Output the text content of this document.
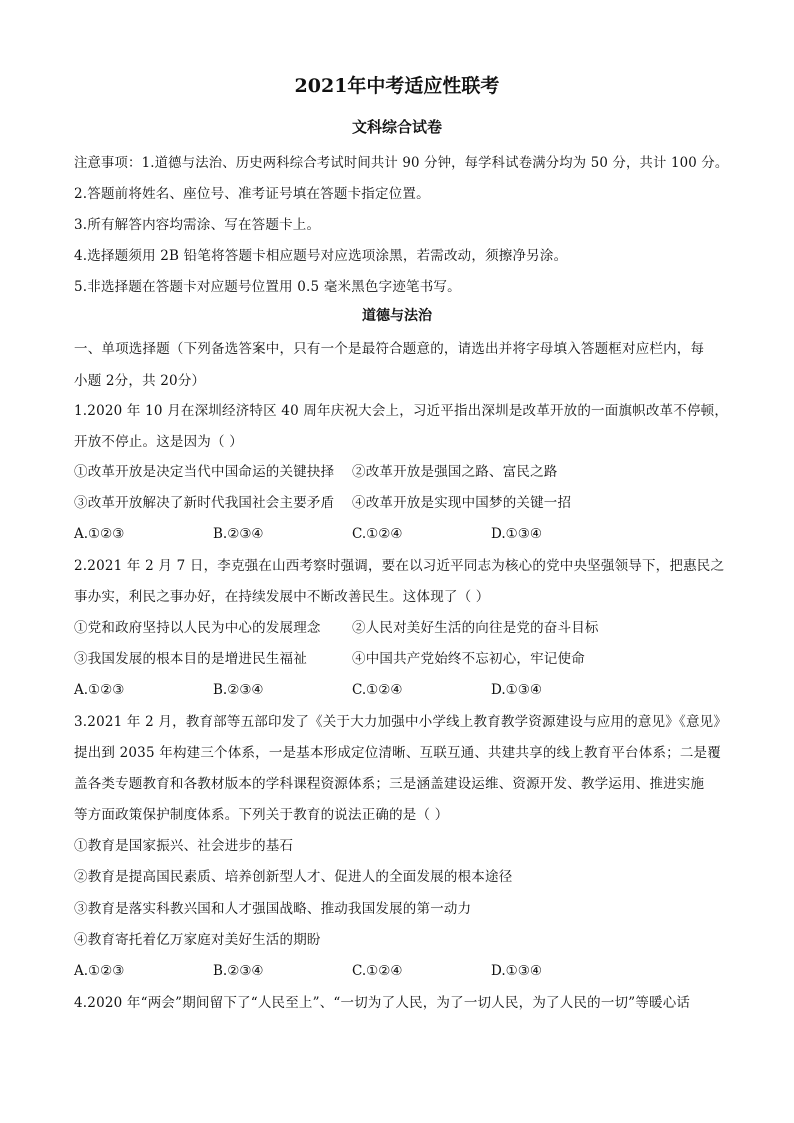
2021年中考适应性联考
文科综合试卷
注意事项：1.道德与法治、历史两科综合考试时间共计 90 分钟，每学科试卷满分均为 50 分，共计 100 分。
2.答题前将姓名、座位号、准考证号填在答题卡指定位置。
3.所有解答内容均需涂、写在答题卡上。
4.选择题须用 2B 铅笔将答题卡相应题号对应选项涂黑，若需改动，须擦净另涂。
5.非选择题在答题卡对应题号位置用 0.5 毫米黑色字迹笔书写。
道德与法治
一、单项选择题（下列备选答案中，只有一个是最符合题意的，请选出并将字母填入答题框对应栏内，每
小题 2分，共 20分）
1.2020 年 10 月在深圳经济特区 40 周年庆祝大会上，习近平指出深圳是改革开放的一面旗帜改革不停顿，
开放不停止。这是因为（ ）
①改革开放是决定当代中国命运的关键抉择 ②改革开放是强国之路、富民之路
③改革开放解决了新时代我国社会主要矛盾 ④改革开放是实现中国梦的关键一招
A.①②③	B.②③④	C.①②④	D.①③④
2.2021 年 2 月 7 日，李克强在山西考察时强调，要在以习近平同志为核心的党中央坚强领导下，把惠民之
事办实，利民之事办好，在持续发展中不断改善民生。这体现了（ ）
①党和政府坚持以人民为中心的发展理念 ②人民对美好生活的向往是党的奋斗目标
③我国发展的根本目的是增进民生福祉	④中国共产党始终不忘初心，牢记使命
A.①②③	B.②③④	C.①②④	D.①③④
3.2021 年 2 月，教育部等五部印发了《关于大力加强中小学线上教育教学资源建设与应用的意见》《意见》
提出到 2035 年构建三个体系，一是基本形成定位清晰、互联互通、共建共享的线上教育平台体系；二是覆
盖各类专题教育和各教材版本的学科课程资源体系；三是涵盖建设运维、资源开发、教学运用、推进实施
等方面政策保护制度体系。下列关于教育的说法正确的是（ ）
①教育是国家振兴、社会进步的基石
②教育是提高国民素质、培养创新型人才、促进人的全面发展的根本途径
③教育是落实科教兴国和人才强国战略、推动我国发展的第一动力
④教育寄托着亿万家庭对美好生活的期盼
A.①②③	B.②③④	C.①②④	D.①③④
4.2020 年“两会”期间留下了“人民至上”、“一切为了人民，为了一切人民，为了人民的一切”等暖心话
